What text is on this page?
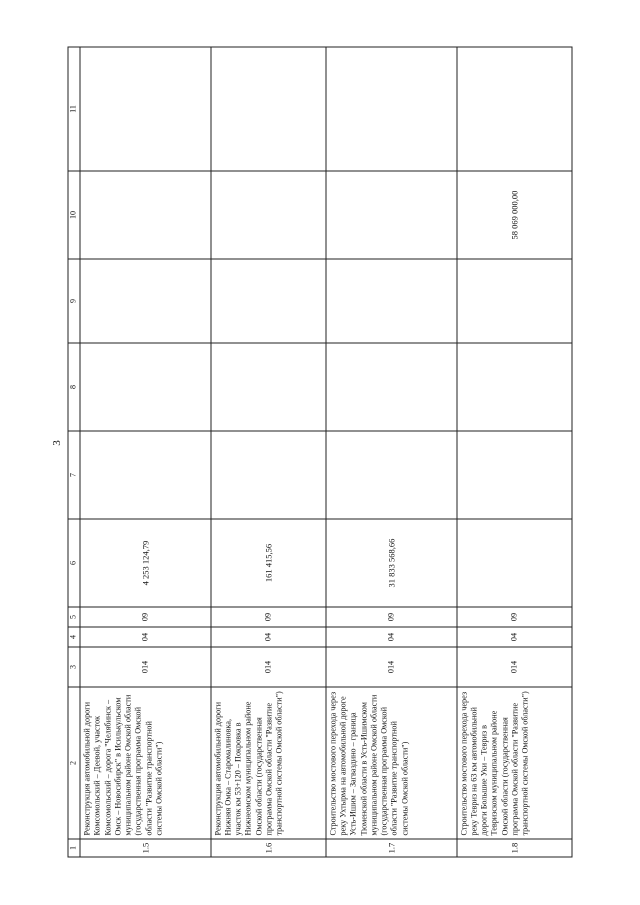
3
1	2	3	4	5	6	7	8	9	10	11
1.5	Реконструкция автомобильной дороги Комсомольский – Деевой, участок Комсомольский – дорога "Челябинск – Омск – Новосибирск" в Исилькульском муниципальном районе Омской области (государственная программа Омской области "Развитие транспортной системы Омской области")	014	04	09	4 253 124,79					
1.6	Реконструкция автомобильной дороги Нижняя Омка – Старомалиновка, участок км 53+120 – Покровка в Нижнеомском муниципальном районе Омской области (государственная программа Омской области "Развитие транспортной системы Омской области")	014	04	09	161 415,56					
1.7	Строительство мостового перехода через реку Ухтырма на автомобильной дороге Усть-Ишим – Загваздино – граница Тюменской области в Усть-Ишимском муниципальном районе Омской области (государственная программа Омской области "Развитие транспортной системы Омской области")	014	04	09	31 833 568,66					
1.8	Строительство мостового перехода через реку Тевриз на 63 км автомобильной дороги Большие Уки – Тевриз в Тевризском муниципальном районе Омской области (государственная программа Омской области "Развитие транспортной системы Омской области")	014	04	09					58 069 000,00	
